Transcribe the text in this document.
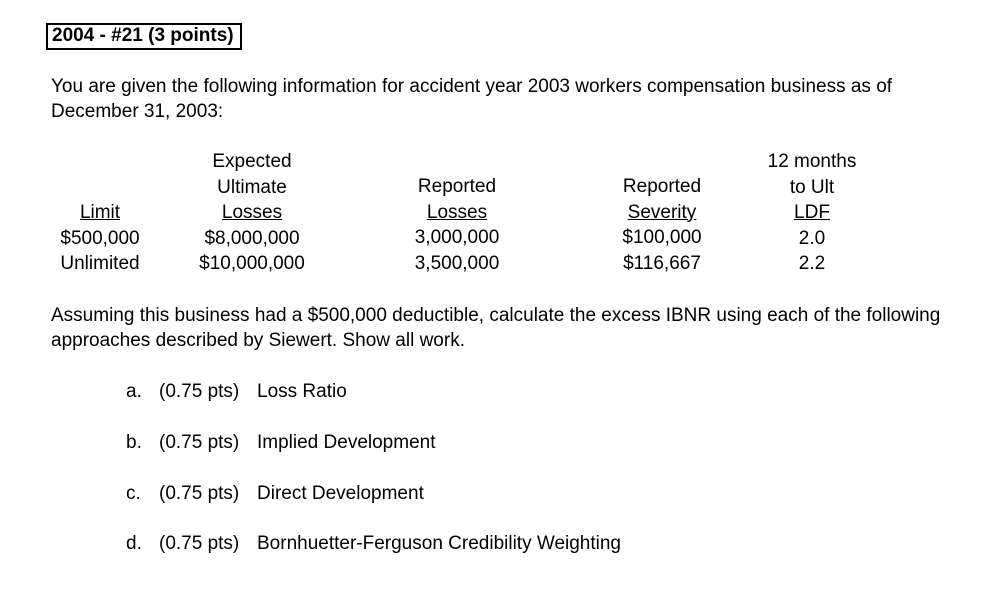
2004 - #21 (3 points)

You are given the following information for accident year 2003 workers compensation business as of December 31, 2003:

Limit
$500,000
Unlimited
Expected
Ultimate
Losses
$8,000,000
$10,000,000
Reported
Losses
3,000,000
3,500,000
Reported
Severity
$100,000
$116,667
12 months
to Ult
LDF
2.0
2.2

Assuming this business had a $500,000 deductible, calculate the excess IBNR using each of the following approaches described by Siewert. Show all work.

a. (0.75 pts) Loss Ratio
b. (0.75 pts) Implied Development
c. (0.75 pts) Direct Development
d. (0.75 pts) Bornhuetter-Ferguson Credibility Weighting
